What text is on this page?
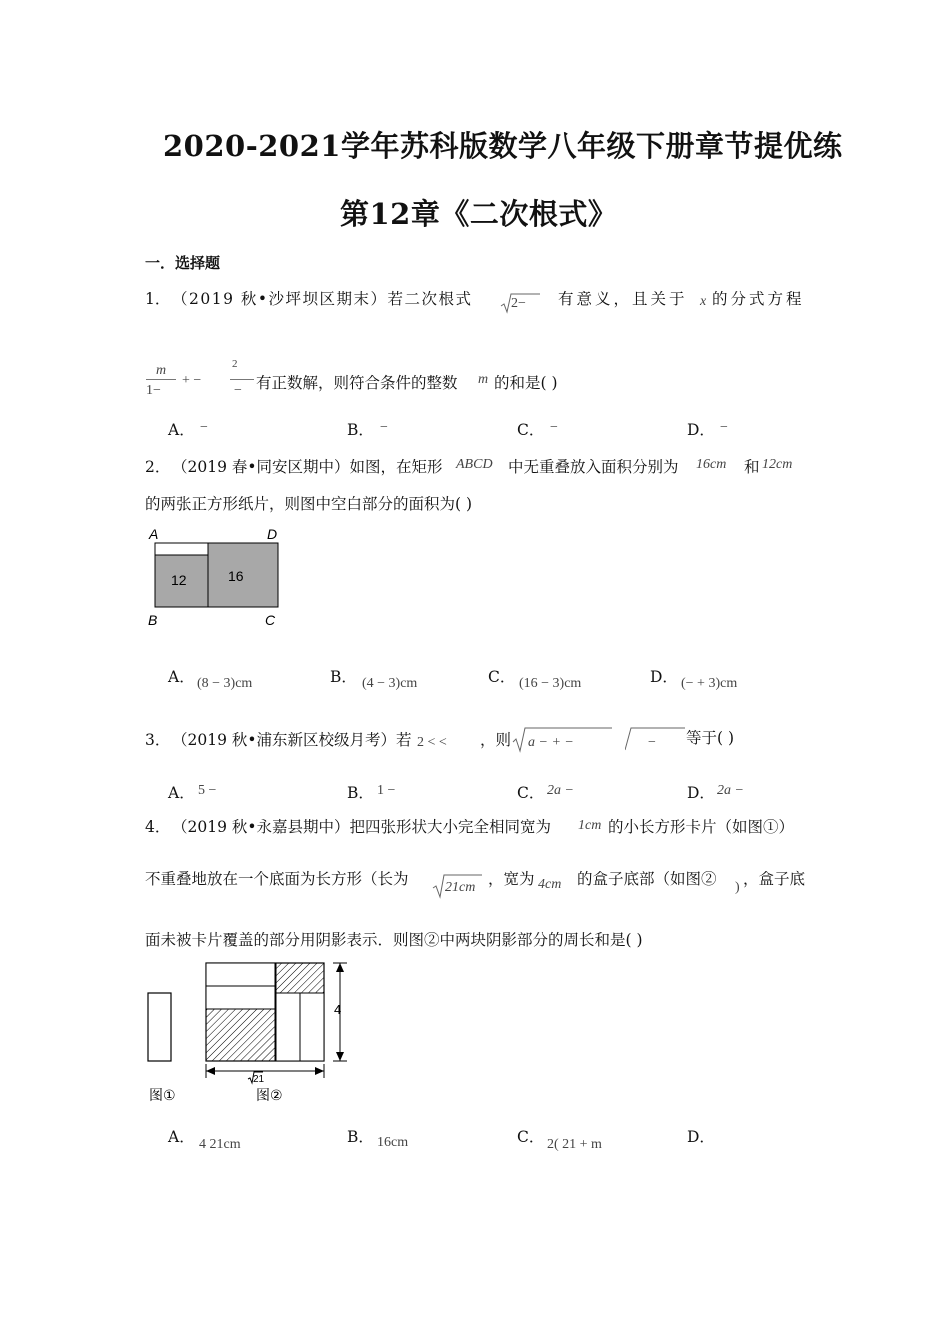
2020-2021学年苏科版数学八年级下册章节提优练
第12章《二次根式》
一．选择题
1． （2019 秋•沙坪坝区期末）若二次根式	2− 有意义，且关于 x 的分式方程
m
1−
+ −
2
− 有正数解，则符合条件的整数 m 的和是( )
A． −	B． −	C． −	D． −
2． （2019 春•同安区期中）如图，在矩形 ABCD 中无重叠放入面积分别为 16cm 和 12cm
的两张正方形纸片，则图中空白部分的面积为( )
A	D
B	C
12	16
A． (8 − 3)cm	B． (4 − 3)cm	C． (16 − 3)cm	D． (− + 3)cm
3． （2019 秋•浦东新区校级月考）若 2 < < ，则 a − + −	− 等于( )
A． 5 −	B． 1 −	C． 2a −	D． 2a −
4． （2019 秋•永嘉县期中）把四张形状大小完全相同宽为 1cm 的小长方形卡片（如图①）
不重叠地放在一个底面为长方形（长为	21cm ，宽为 4cm 的盒子底部（如图② ) ，盒子底
面未被卡片覆盖的部分用阴影表示．则图②中两块阴影部分的周长和是( )
图①
4
21
图②
A． 4 21cm	B． 16cm	C． 2( 21 + m	D．
